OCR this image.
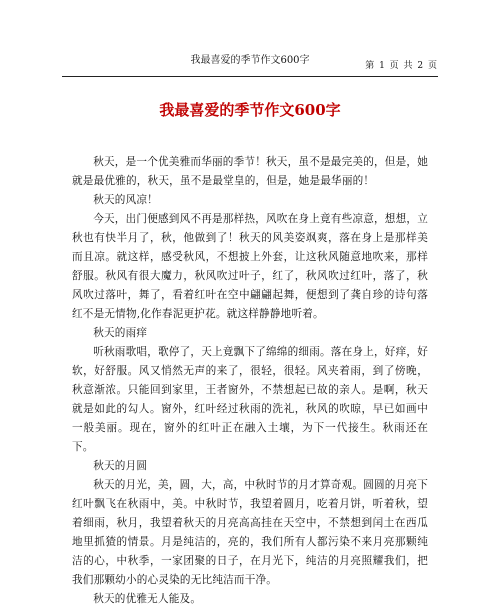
我最喜爱的季节作文600字	第 1 页 共 2 页
我最喜爱的季节作文600字

秋天，是一个优美雅而华丽的季节！秋天，虽不是最完美的，但是，她就是最优雅的，秋天，虽不是最堂皇的，但是，她是最华丽的！

秋天的风凉！

今天，出门便感到风不再是那样热，风吹在身上竟有些凉意，想想，立秋也有快半月了，秋，他做到了！秋天的风美姿飒爽，落在身上是那样美而且凉。就这样，感受秋风，不想披上外套，让这秋风随意地吹来，那样舒服。秋风有很大魔力，秋风吹过叶子，红了，秋风吹过红叶，落了，秋风吹过落叶，舞了，看着红叶在空中翩翩起舞，便想到了龚自珍的诗句落红不是无情物,化作春泥更护花。就这样静静地听着。

秋天的雨痒

听秋雨歌唱，歌停了，天上竟飘下了绵绵的细雨。落在身上，好痒，好软，好舒服。风又悄然无声的来了，很轻，很轻。风夹着雨，到了傍晚，秋意渐浓。只能回到家里，王者窗外，不禁想起已故的亲人。是啊，秋天就是如此的勾人。窗外，红叶经过秋雨的洗礼，秋风的吹晾，早已如画中一般美丽。现在，窗外的红叶正在融入土壤，为下一代接生。秋雨还在下。

秋天的月圆

秋天的月光，美，圆，大，高，中秋时节的月才算奇观。圆圆的月亮下红叶飘飞在秋雨中，美。中秋时节，我望着圆月，吃着月饼，听着秋，望着细雨，秋月，我望着秋天的月亮高高挂在天空中，不禁想到闰土在西瓜地里抓猹的情景。月是纯洁的，亮的，我们所有人都污染不来月亮那颗纯洁的心，中秋季，一家团聚的日子，在月光下，纯洁的月亮照耀我们，把我们那颗幼小的心灵染的无比纯洁而干净。

秋天的优雅无人能及。
